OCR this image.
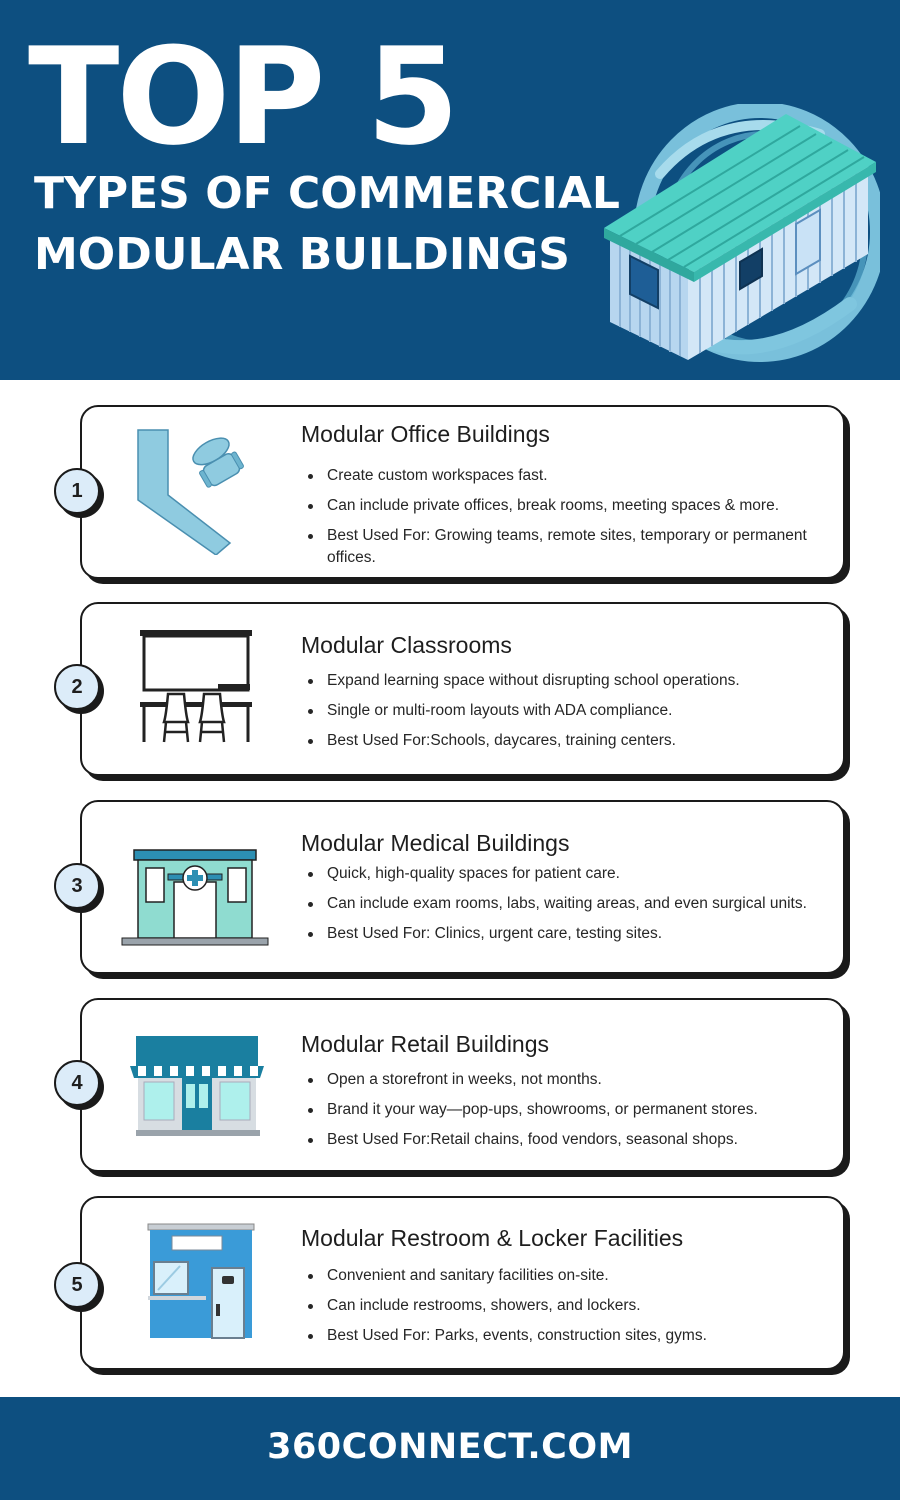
TOP 5
TYPES OF COMMERCIAL
MODULAR BUILDINGS
Modular Office Buildings
Create custom workspaces fast.
Can include private offices, break rooms, meeting spaces & more.
Best Used For: Growing teams, remote sites, temporary or permanent offices.
1
Modular Classrooms
Expand learning space without disrupting school operations.
Single or multi-room layouts with ADA compliance.
Best Used For:Schools, daycares, training centers.
2
Modular Medical Buildings
Quick, high-quality spaces for patient care.
Can include exam rooms, labs, waiting areas, and even surgical units.
Best Used For: Clinics, urgent care, testing sites.
3
Modular Retail Buildings
Open a storefront in weeks, not months.
Brand it your way—pop-ups, showrooms, or permanent stores.
Best Used For:Retail chains, food vendors, seasonal shops.
4
Modular Restroom & Locker Facilities
Convenient and sanitary facilities on-site.
Can include restrooms, showers, and lockers.
Best Used For: Parks, events, construction sites, gyms.
5
360CONNECT.COM
